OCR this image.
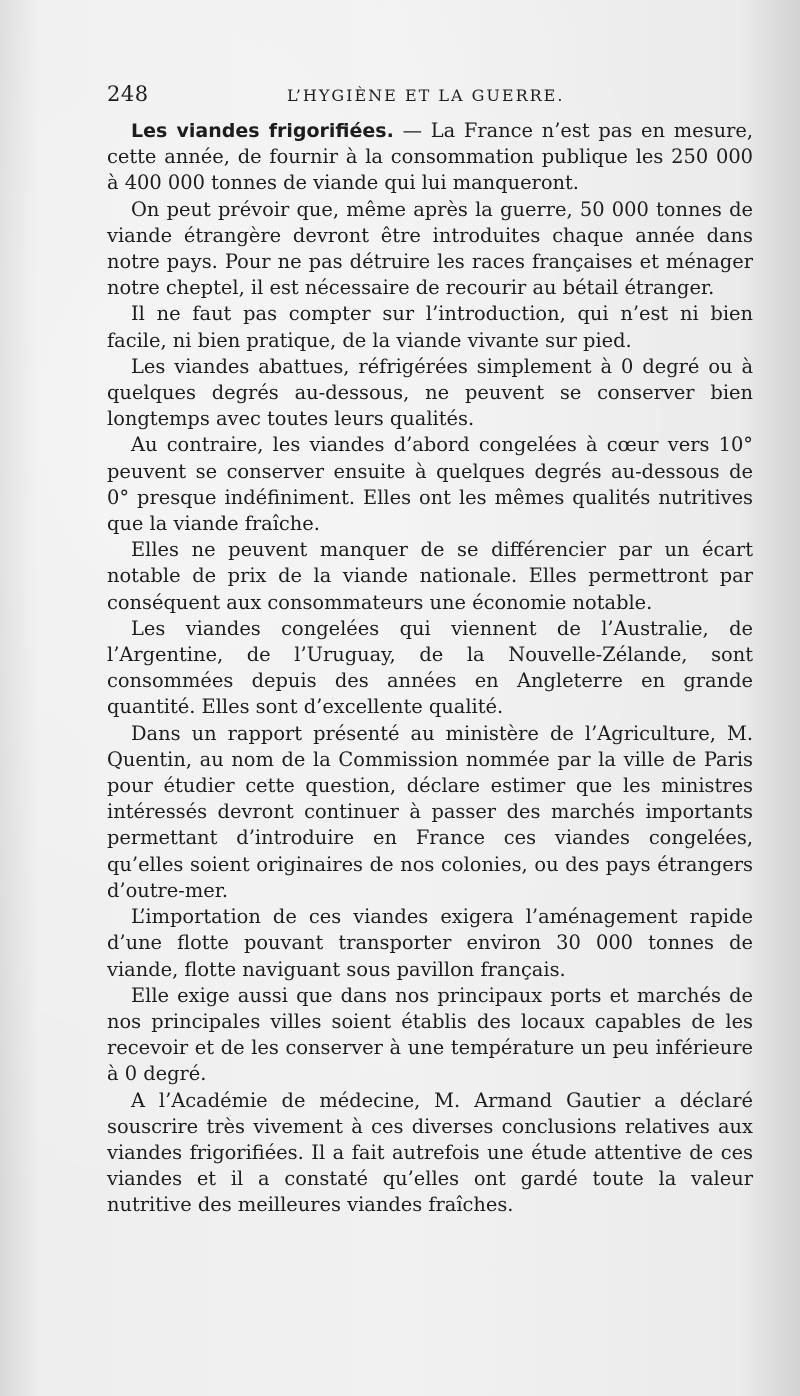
248	L’HYGIÈNE ET LA GUERRE.

Les viandes frigorifiées. — La France n’est pas en mesure, cette année, de fournir à la consommation publique les 250 000 à 400 000 tonnes de viande qui lui manqueront.

On peut prévoir que, même après la guerre, 50 000 tonnes de viande étrangère devront être introduites chaque année dans notre pays. Pour ne pas détruire les races françaises et ménager notre cheptel, il est nécessaire de recourir au bétail étranger.

Il ne faut pas compter sur l’introduction, qui n’est ni bien facile, ni bien pratique, de la viande vivante sur pied.

Les viandes abattues, réfrigérées simplement à 0 degré ou à quelques degrés au-dessous, ne peuvent se conserver bien longtemps avec toutes leurs qualités.

Au contraire, les viandes d’abord congelées à cœur vers 10° peuvent se conserver ensuite à quelques degrés au-dessous de 0° presque indéfiniment. Elles ont les mêmes qualités nutritives que la viande fraîche.

Elles ne peuvent manquer de se différencier par un écart notable de prix de la viande nationale. Elles permettront par conséquent aux consommateurs une économie notable.

Les viandes congelées qui viennent de l’Australie, de l’Argentine, de l’Uruguay, de la Nouvelle-Zélande, sont consommées depuis des années en Angleterre en grande quantité. Elles sont d’excellente qualité.

Dans un rapport présenté au ministère de l’Agriculture, M. Quentin, au nom de la Commission nommée par la ville de Paris pour étudier cette question, déclare estimer que les ministres intéressés devront continuer à passer des marchés importants permettant d’introduire en France ces viandes congelées, qu’elles soient originaires de nos colonies, ou des pays étrangers d’outre-mer.

L’importation de ces viandes exigera l’aménagement rapide d’une flotte pouvant transporter environ 30 000 tonnes de viande, flotte naviguant sous pavillon français.

Elle exige aussi que dans nos principaux ports et marchés de nos principales villes soient établis des locaux capables de les recevoir et de les conserver à une température un peu inférieure à 0 degré.

A l’Académie de médecine, M. Armand Gautier a déclaré souscrire très vivement à ces diverses conclusions relatives aux viandes frigorifiées. Il a fait autrefois une étude attentive de ces viandes et il a constaté qu’elles ont gardé toute la valeur nutritive des meilleures viandes fraîches.
